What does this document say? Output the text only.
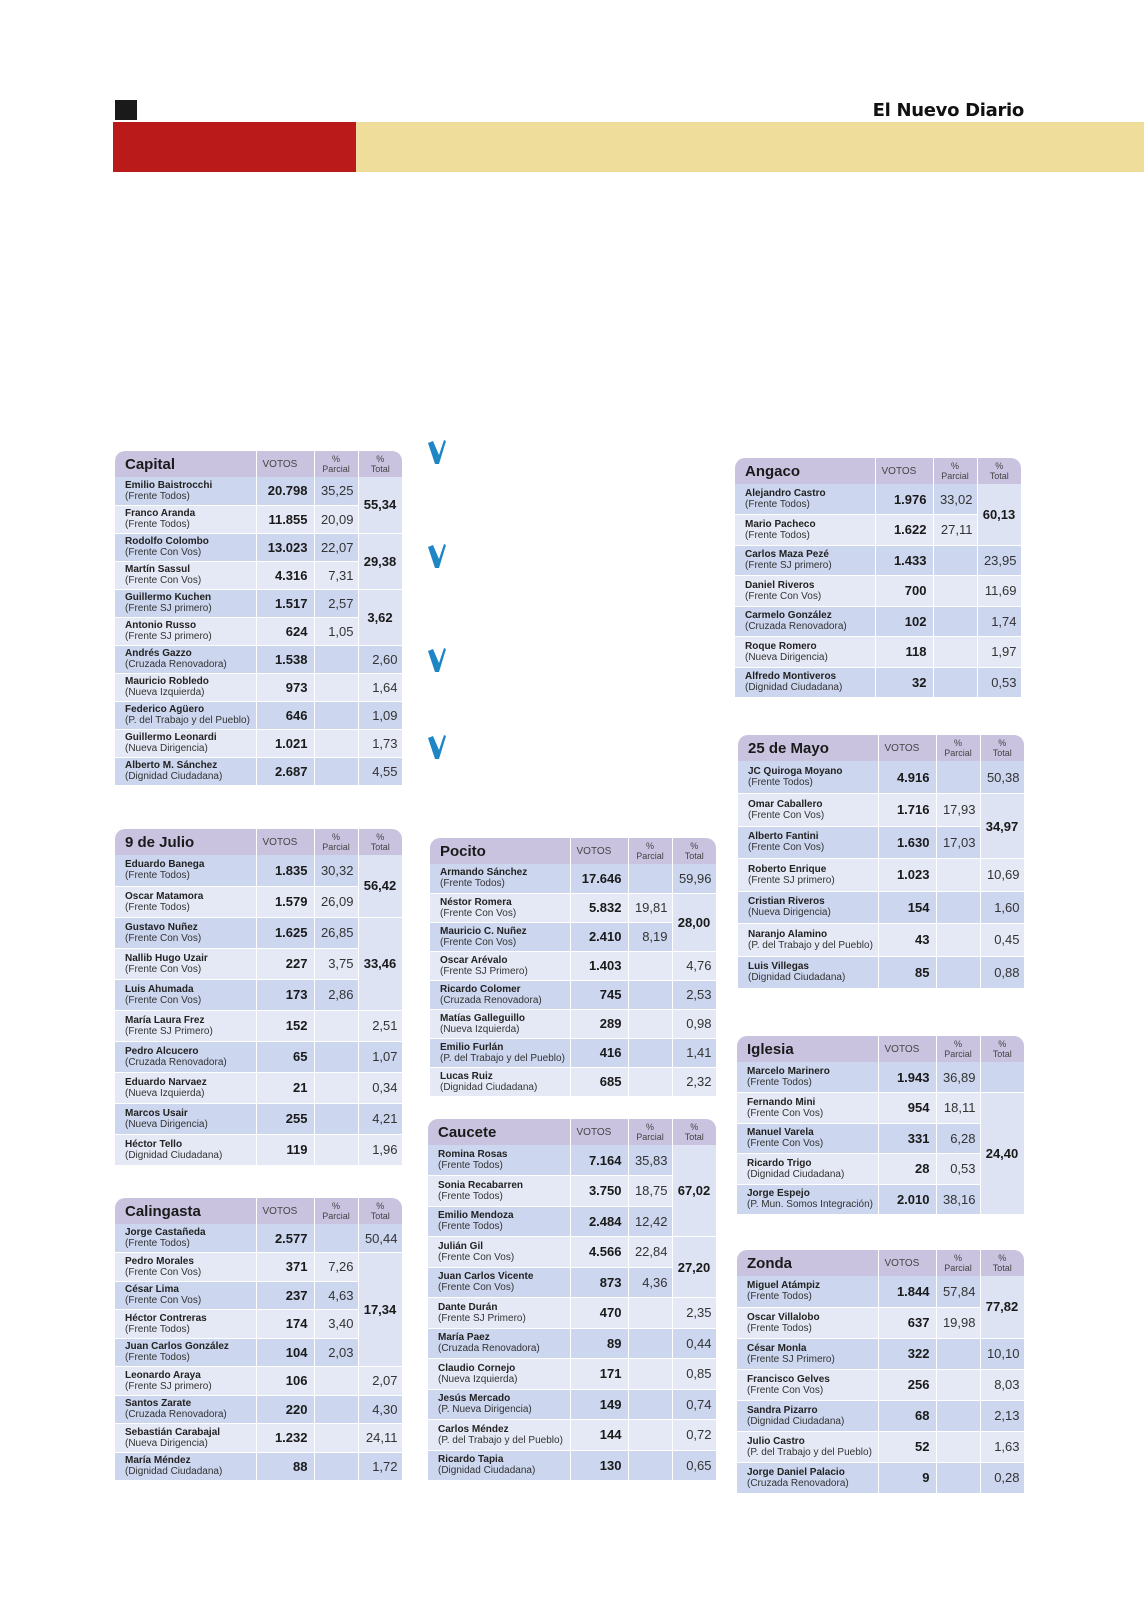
El Nuevo Diario
Capital	VOTOS	%
Parcial	%
Total

Emilio Baistrocchi
(Frente Todos)	20.798	35,25	55,34

Franco Aranda
(Frente Todos)	11.855	20,09	

Rodolfo Colombo
(Frente Con Vos)	13.023	22,07	29,38

Martín Sassul
(Frente Con Vos)	4.316	7,31	

Guillermo Kuchen
(Frente SJ primero)	1.517	2,57	3,62

Antonio Russo
(Frente SJ primero)	624	1,05	

Andrés Gazzo
(Cruzada Renovadora)	1.538		2,60

Mauricio Robledo
(Nueva Izquierda)	973		1,64

Federico Agüero
(P. del Trabajo y del Pueblo)	646		1,09

Guillermo Leonardi
(Nueva Dirigencia)	1.021		1,73

Alberto M. Sánchez
(Dignidad Ciudadana)	2.687		4,55
9 de Julio	VOTOS	%
Parcial	%
Total

Eduardo Banega
(Frente Todos)	1.835	30,32	56,42

Oscar Matamora
(Frente Todos)	1.579	26,09	

Gustavo Nuñez
(Frente Con Vos)	1.625	26,85	33,46

Nallib Hugo Uzair
(Frente Con Vos)	227	3,75	

Luis Ahumada
(Frente Con Vos)	173	2,86	

María Laura Frez
(Frente SJ Primero)	152		2,51

Pedro Alcucero
(Cruzada Renovadora)	65		1,07

Eduardo Narvaez
(Nueva Izquierda)	21		0,34

Marcos Usair
(Nueva Dirigencia)	255		4,21

Héctor Tello
(Dignidad Ciudadana)	119		1,96
Calingasta	VOTOS	%
Parcial	%
Total

Jorge Castañeda
(Frente Todos)	2.577		50,44

Pedro Morales
(Frente Con Vos)	371	7,26	17,34

César Lima
(Frente Con Vos)	237	4,63	

Héctor Contreras
(Frente Todos)	174	3,40	

Juan Carlos González
(Frente Todos)	104	2,03	

Leonardo Araya
(Frente SJ primero)	106		2,07

Santos Zarate
(Cruzada Renovadora)	220		4,30

Sebastián Carabajal
(Nueva Dirigencia)	1.232		24,11

María Méndez
(Dignidad Ciudadana)	88		1,72
Pocito	VOTOS	%
Parcial	%
Total

Armando Sánchez
(Frente Todos)	17.646		59,96

Néstor Romera
(Frente Con Vos)	5.832	19,81	28,00

Mauricio C. Nuñez
(Frente Con Vos)	2.410	8,19	

Oscar Arévalo
(Frente SJ Primero)	1.403		4,76

Ricardo Colomer
(Cruzada Renovadora)	745		2,53

Matías Galleguillo
(Nueva Izquierda)	289		0,98

Emilio Furlán
(P. del Trabajo y del Pueblo)	416		1,41

Lucas Ruiz
(Dignidad Ciudadana)	685		2,32
Caucete	VOTOS	%
Parcial	%
Total

Romina Rosas
(Frente Todos)	7.164	35,83	67,02

Sonia Recabarren
(Frente Todos)	3.750	18,75	

Emilio Mendoza
(Frente Todos)	2.484	12,42	

Julián Gil
(Frente Con Vos)	4.566	22,84	27,20

Juan Carlos Vicente
(Frente Con Vos)	873	4,36	

Dante Durán
(Frente SJ Primero)	470		2,35

María Paez
(Cruzada Renovadora)	89		0,44

Claudio Cornejo
(Nueva Izquierda)	171		0,85

Jesús Mercado
(P. Nueva Dirigencia)	149		0,74

Carlos Méndez
(P. del Trabajo y del Pueblo)	144		0,72

Ricardo Tapia
(Dignidad Ciudadana)	130		0,65
Angaco	VOTOS	%
Parcial	%
Total

Alejandro Castro
(Frente Todos)	1.976	33,02	60,13

Mario Pacheco
(Frente Todos)	1.622	27,11	

Carlos Maza Pezé
(Frente SJ primero)	1.433		23,95

Daniel Riveros
(Frente Con Vos)	700		11,69

Carmelo González
(Cruzada Renovadora)	102		1,74

Roque Romero
(Nueva Dirigencia)	118		1,97

Alfredo Montiveros
(Dignidad Ciudadana)	32		0,53
25 de Mayo	VOTOS	%
Parcial	%
Total

JC Quiroga Moyano
(Frente Todos)	4.916		50,38

Omar Caballero
(Frente Con Vos)	1.716	17,93	34,97

Alberto Fantini
(Frente Con Vos)	1.630	17,03	

Roberto Enrique
(Frente SJ primero)	1.023		10,69

Cristian Riveros
(Nueva Dirigencia)	154		1,60

Naranjo Alamino
(P. del Trabajo y del Pueblo)	43		0,45

Luis Villegas
(Dignidad Ciudadana)	85		0,88
Iglesia	VOTOS	%
Parcial	%
Total

Marcelo Marinero
(Frente Todos)	1.943	36,89	

Fernando Mini
(Frente Con Vos)	954	18,11	24,40

Manuel Varela
(Frente Con Vos)	331	6,28	

Ricardo Trigo
(Dignidad Ciudadana)	28	0,53	

Jorge Espejo
(P. Mun. Somos Integración)	2.010	38,16	
Zonda	VOTOS	%
Parcial	%
Total

Miguel Atámpiz
(Frente Todos)	1.844	57,84	77,82

Oscar Villalobo
(Frente Todos)	637	19,98	

César Monla
(Frente SJ Primero)	322		10,10

Francisco Gelves
(Frente Con Vos)	256		8,03

Sandra Pizarro
(Dignidad Ciudadana)	68		2,13

Julio Castro
(P. del Trabajo y del Pueblo)	52		1,63

Jorge Daniel Palacio
(Cruzada Renovadora)	9		0,28
